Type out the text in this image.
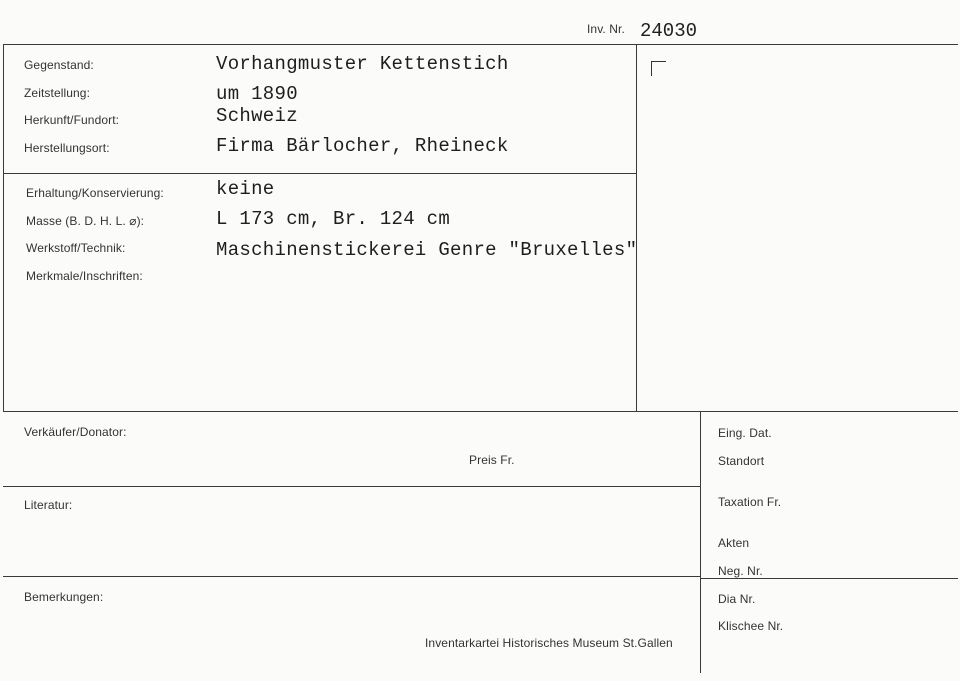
Inv. Nr. 24030
Gegenstand:	Vorhangmuster Kettenstich
Zeitstellung:	um 1890
Herkunft/Fundort:	Schweiz
Herstellungsort:	Firma Bärlocher, Rheineck
Erhaltung/Konservierung:	keine
Masse (B. D. H. L. ⌀):	L 173 cm, Br. 124 cm
Werkstoff/Technik:	Maschinenstickerei Genre "Bruxelles"
Merkmale/Inschriften:
Verkäufer/Donator:
Preis Fr.
Literatur:
Bemerkungen:
Inventarkartei Historisches Museum St.Gallen
Eing. Dat.
Standort
Taxation Fr.
Akten
Neg. Nr.
Dia Nr.
Klischee Nr.
